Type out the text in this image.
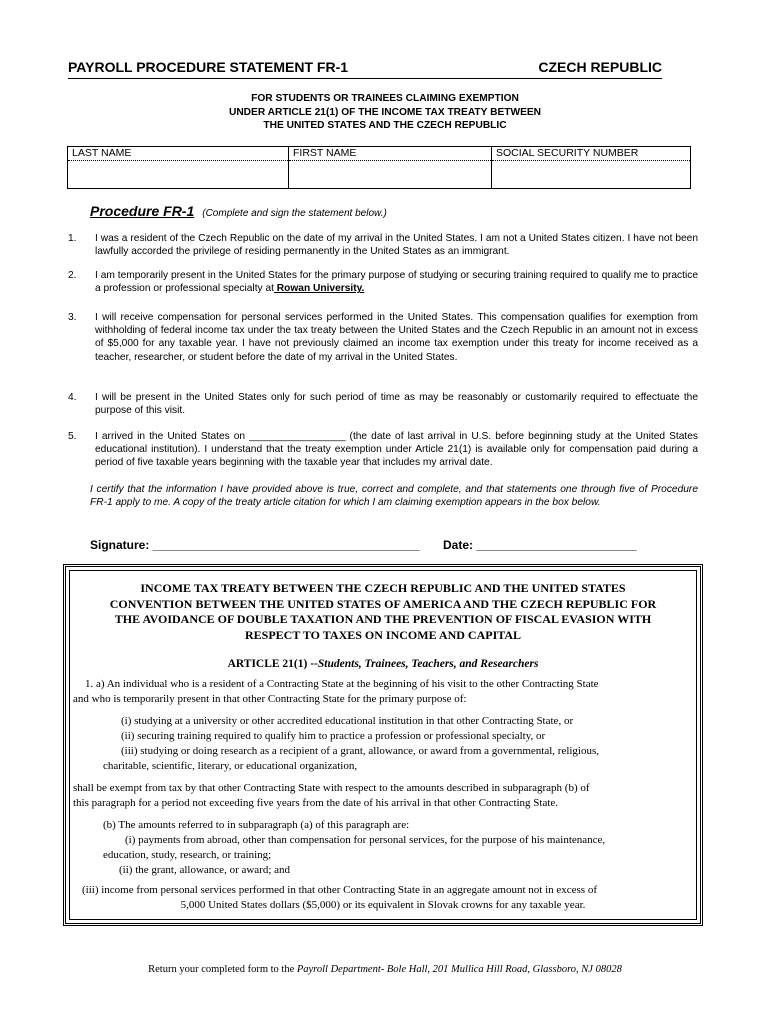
PAYROLL PROCEDURE STATEMENT FR-1	CZECH REPUBLIC
FOR STUDENTS OR TRAINEES CLAIMING EXEMPTION
UNDER ARTICLE 21(1) OF THE INCOME TAX TREATY BETWEEN
THE UNITED STATES AND THE CZECH REPUBLIC
LAST NAME	FIRST NAME	SOCIAL SECURITY NUMBER
Procedure FR-1 (Complete and sign the statement below.)
1.	I was a resident of the Czech Republic on the date of my arrival in the United States. I am not a United States citizen. I have not been lawfully accorded the privilege of residing permanently in the United States as an immigrant.
2.	I am temporarily present in the United States for the primary purpose of studying or securing training required to qualify me to practice a profession or professional specialty at Rowan University.
3.	I will receive compensation for personal services performed in the United States. This compensation qualifies for exemption from withholding of federal income tax under the tax treaty between the United States and the Czech Republic in an amount not in excess of $5,000 for any taxable year. I have not previously claimed an income tax exemption under this treaty for income received as a teacher, researcher, or student before the date of my arrival in the United States.
4.	I will be present in the United States only for such period of time as may be reasonably or customarily required to effectuate the purpose of this visit.
5.	I arrived in the United States on _________________ (the date of last arrival in U.S. before beginning study at the United States educational institution). I understand that the treaty exemption under Article 21(1) is available only for compensation paid during a period of five taxable years beginning with the taxable year that includes my arrival date.
I certify that the information I have provided above is true, correct and complete, and that statements one through five of Procedure FR-1 apply to me. A copy of the treaty article citation for which I am claiming exemption appears in the box below.
Signature: ________________________________________ Date: ________________________
INCOME TAX TREATY BETWEEN THE CZECH REPUBLIC AND THE UNITED STATES
CONVENTION BETWEEN THE UNITED STATES OF AMERICA AND THE CZECH REPUBLIC FOR
THE AVOIDANCE OF DOUBLE TAXATION AND THE PREVENTION OF FISCAL EVASION WITH
RESPECT TO TAXES ON INCOME AND CAPITAL
ARTICLE 21(1) --Students, Trainees, Teachers, and Researchers
1. a) An individual who is a resident of a Contracting State at the beginning of his visit to the other Contracting State
and who is temporarily present in that other Contracting State for the primary purpose of:
(i) studying at a university or other accredited educational institution in that other Contracting State, or
(ii) securing training required to qualify him to practice a profession or professional specialty, or
(iii) studying or doing research as a recipient of a grant, allowance, or award from a governmental, religious,
charitable, scientific, literary, or educational organization,
shall be exempt from tax by that other Contracting State with respect to the amounts described in subparagraph (b) of
this paragraph for a period not exceeding five years from the date of his arrival in that other Contracting State.
(b) The amounts referred to in subparagraph (a) of this paragraph are:
(i) payments from abroad, other than compensation for personal services, for the purpose of his maintenance,
education, study, research, or training;
(ii) the grant, allowance, or award; and
(iii) income from personal services performed in that other Contracting State in an aggregate amount not in excess of
5,000 United States dollars ($5,000) or its equivalent in Slovak crowns for any taxable year.
Return your completed form to the Payroll Department- Bole Hall, 201 Mullica Hill Road, Glassboro, NJ 08028
